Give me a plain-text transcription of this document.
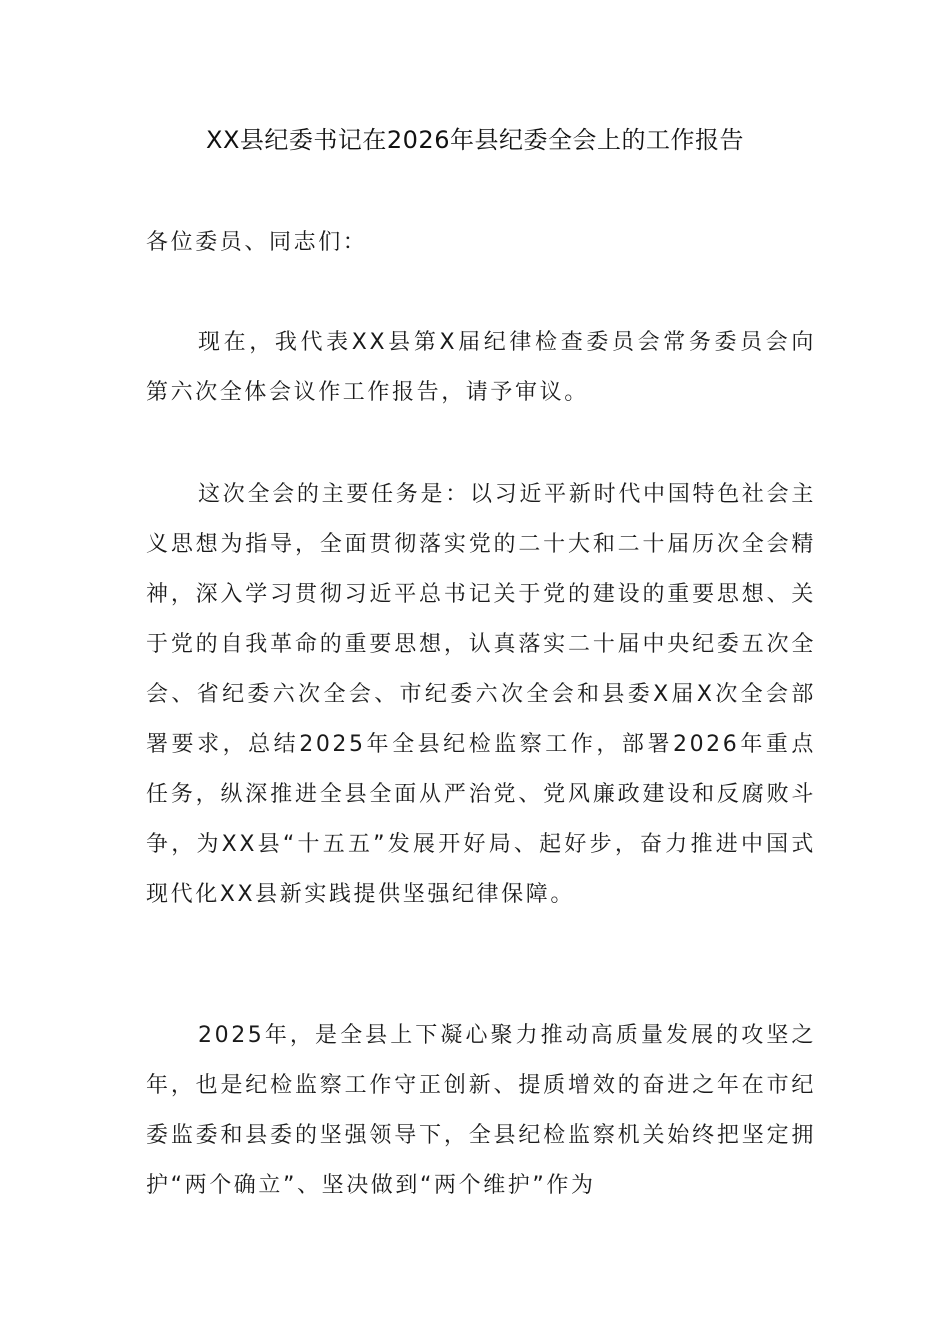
XX县纪委书记在2026年县纪委全会上的工作报告
各位委员、同志们：
现在，我代表XX县第X届纪律检查委员会常务委员会向第六次全体会议作工作报告，请予审议。
这次全会的主要任务是：以习近平新时代中国特色社会主义思想为指导，全面贯彻落实党的二十大和二十届历次全会精神，深入学习贯彻习近平总书记关于党的建设的重要思想、关于党的自我革命的重要思想，认真落实二十届中央纪委五次全会、省纪委六次全会、市纪委六次全会和县委X届X次全会部署要求，总结2025年全县纪检监察工作，部署2026年重点任务，纵深推进全县全面从严治党、党风廉政建设和反腐败斗争，为XX县“十五五”发展开好局、起好步，奋力推进中国式现代化XX县新实践提供坚强纪律保障。
2025年，是全县上下凝心聚力推动高质量发展的攻坚之年，也是纪检监察工作守正创新、提质增效的奋进之年在市纪委监委和县委的坚强领导下，全县纪检监察机关始终把坚定拥护“两个确立”、坚决做到“两个维护”作为
